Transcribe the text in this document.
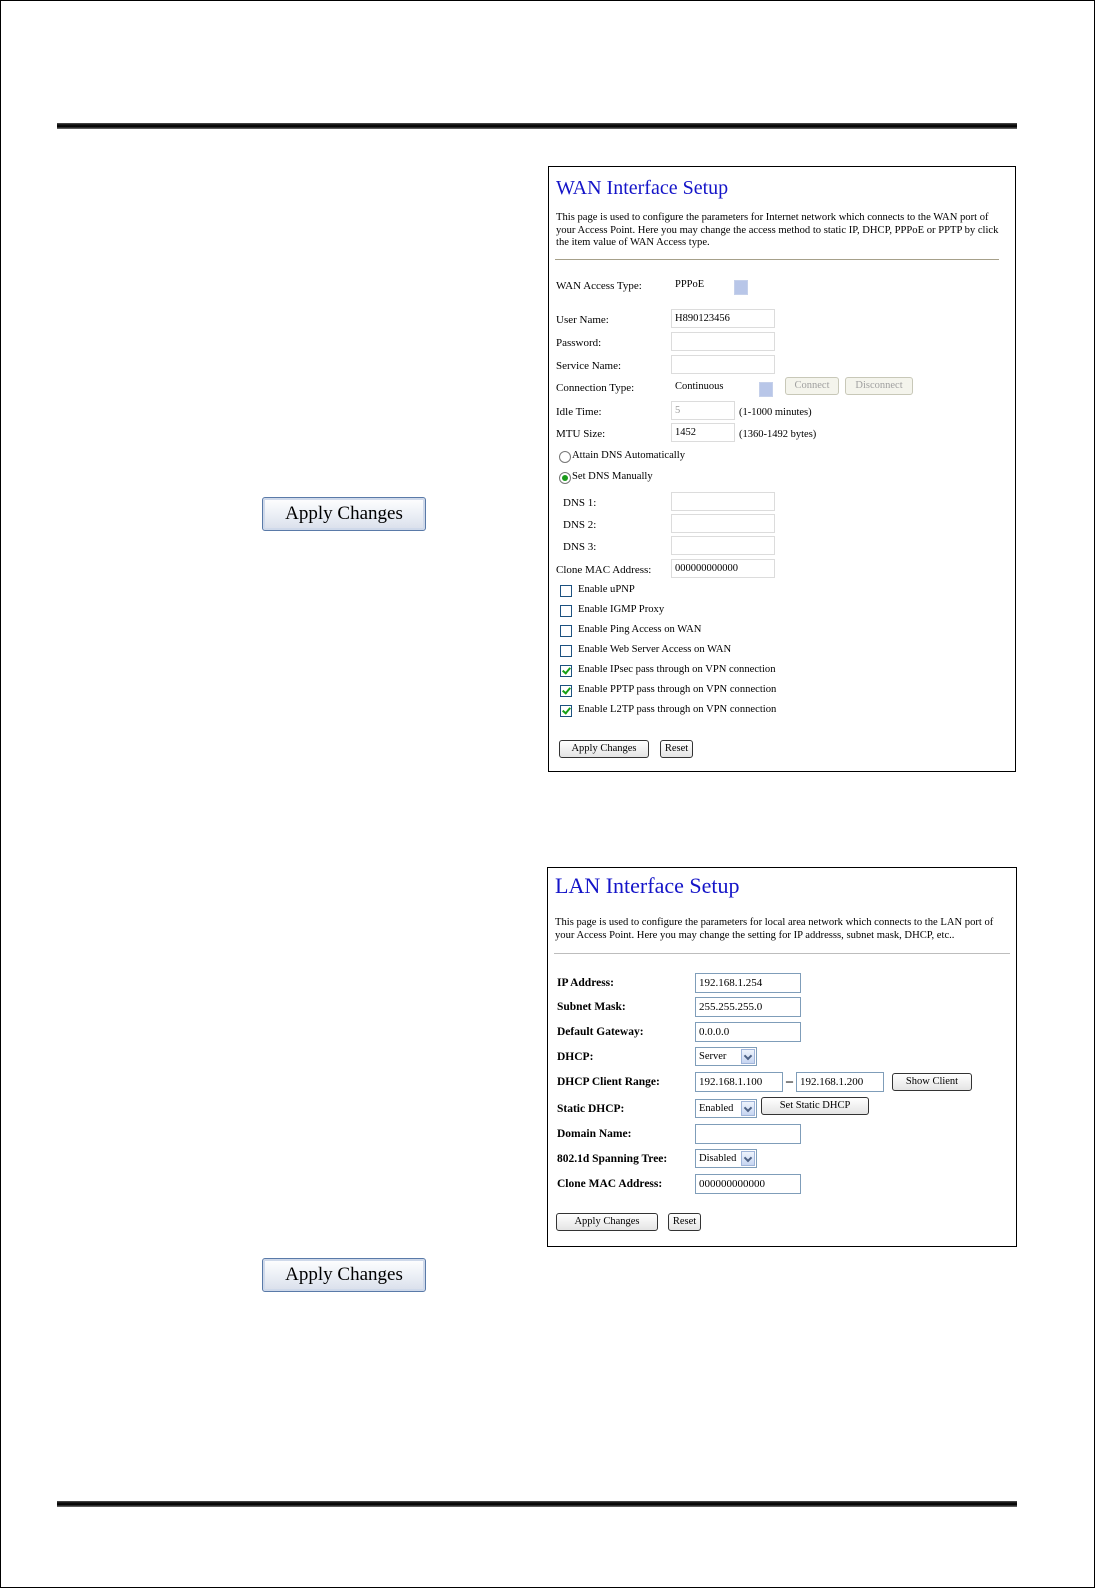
Apply Changes
Apply Changes
WAN Interface Setup
This page is used to configure the parameters for Internet network which connects to the WAN port of your Access Point. Here you may change the access method to static IP, DHCP, PPPoE or PPTP by click the item value of WAN Access type.
WAN Access Type:	PPPoE
User Name:	H890123456
Password:
Service Name:
Connection Type:	Continuous	Connect	Disconnect
Idle Time:	5	(1-1000 minutes)
MTU Size:	1452	(1360-1492 bytes)
Attain DNS Automatically
Set DNS Manually
DNS 1:
DNS 2:
DNS 3:
Clone MAC Address:	000000000000
Enable uPNP
Enable IGMP Proxy
Enable Ping Access on WAN
Enable Web Server Access on WAN
Enable IPsec pass through on VPN connection
Enable PPTP pass through on VPN connection
Enable L2TP pass through on VPN connection
Apply Changes	Reset
LAN Interface Setup
This page is used to configure the parameters for local area network which connects to the LAN port of your Access Point. Here you may change the setting for IP addresss, subnet mask, DHCP, etc..
IP Address:	192.168.1.254
Subnet Mask:	255.255.255.0
Default Gateway:	0.0.0.0
DHCP:	Server
DHCP Client Range:	192.168.1.100	– 192.168.1.200	Show Client
Static DHCP:	Enabled	Set Static DHCP
Domain Name:
802.1d Spanning Tree:	Disabled
Clone MAC Address:	000000000000
Apply Changes	Reset
